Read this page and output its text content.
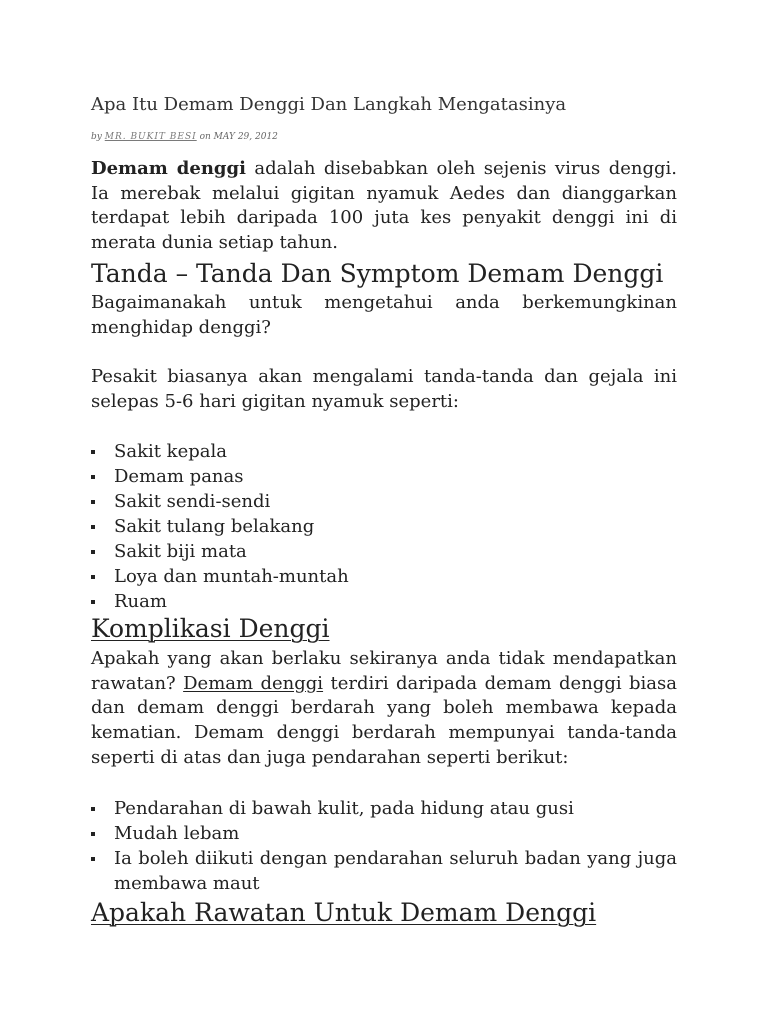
Apa Itu Demam Denggi Dan Langkah Mengatasinya
by MR. BUKIT BESI on MAY 29, 2012

Demam denggi adalah disebabkan oleh sejenis virus denggi. Ia merebak melalui gigitan nyamuk Aedes dan dianggarkan terdapat lebih daripada 100 juta kes penyakit denggi ini di merata dunia setiap tahun.

Tanda – Tanda Dan Symptom Demam Denggi

Bagaimanakah untuk mengetahui anda berkemungkinan menghidap denggi?

Pesakit biasanya akan mengalami tanda-tanda dan gejala ini selepas 5-6 hari gigitan nyamuk seperti:

Sakit kepala
Demam panas
Sakit sendi-sendi
Sakit tulang belakang
Sakit biji mata
Loya dan muntah-muntah
Ruam
Komplikasi Denggi

Apakah yang akan berlaku sekiranya anda tidak mendapatkan rawatan? Demam denggi terdiri daripada demam denggi biasa dan demam denggi berdarah yang boleh membawa kepada kematian. Demam denggi berdarah mempunyai tanda-tanda seperti di atas dan juga pendarahan seperti berikut:

Pendarahan di bawah kulit, pada hidung atau gusi
Mudah lebam
Ia boleh diikuti dengan pendarahan seluruh badan yang juga membawa maut
Apakah Rawatan Untuk Demam Denggi
